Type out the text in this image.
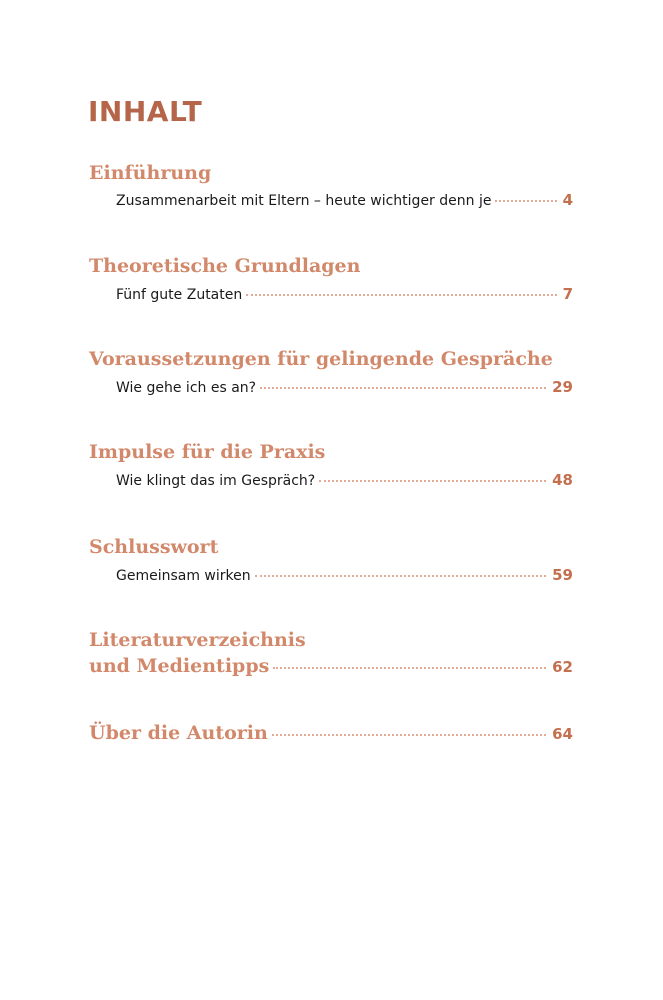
INHALT
Einführung
Zusammenarbeit mit Eltern – heute wichtiger denn je	4
Theoretische Grundlagen
Fünf gute Zutaten	7
Voraussetzungen für gelingende Gespräche
Wie gehe ich es an?	29
Impulse für die Praxis
Wie klingt das im Gespräch?	48
Schlusswort
Gemeinsam wirken	59
Literaturverzeichnis
und Medientipps	62
Über die Autorin	64
